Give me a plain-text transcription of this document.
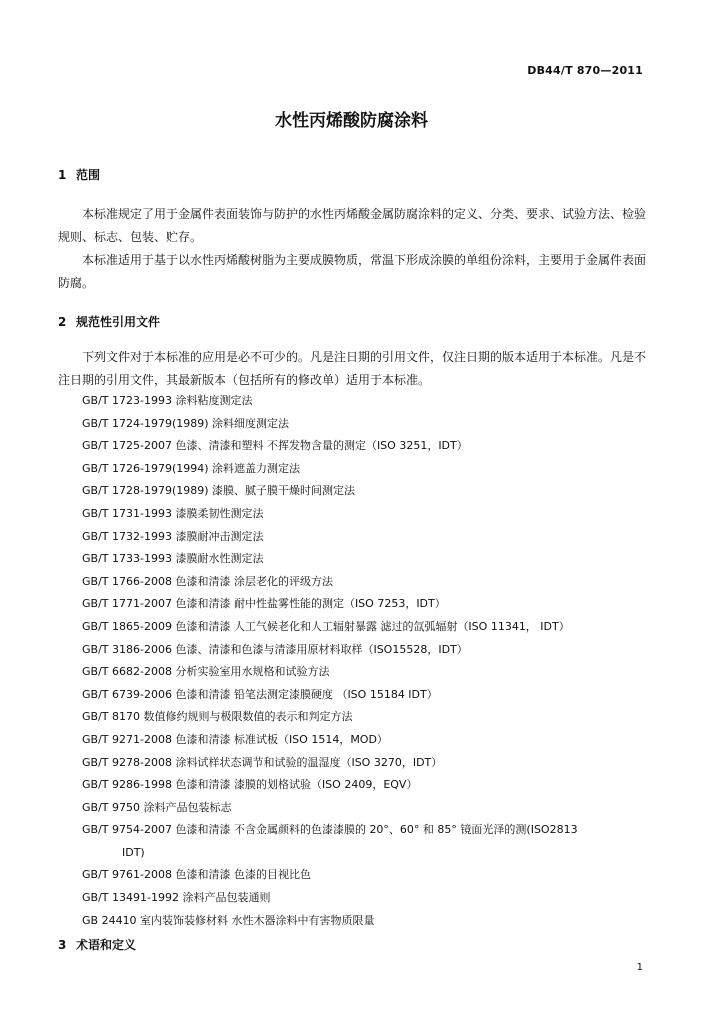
DB44/T 870—2011
水性丙烯酸防腐涂料
1 范围

本标准规定了用于金属件表面装饰与防护的水性丙烯酸金属防腐涂料的定义、分类、要求、试验方法、检验规则、标志、包装、贮存。

本标准适用于基于以水性丙烯酸树脂为主要成膜物质，常温下形成涂膜的单组份涂料，主要用于金属件表面防腐。

2 规范性引用文件

下列文件对于本标准的应用是必不可少的。凡是注日期的引用文件，仅注日期的版本适用于本标准。凡是不注日期的引用文件，其最新版本（包括所有的修改单）适用于本标准。

GB/T 1723-1993 涂料粘度测定法
GB/T 1724-1979(1989) 涂料细度测定法
GB/T 1725-2007 色漆、清漆和塑料 不挥发物含量的测定（ISO 3251，IDT）
GB/T 1726-1979(1994) 涂料遮盖力测定法
GB/T 1728-1979(1989) 漆膜、腻子膜干燥时间测定法
GB/T 1731-1993 漆膜柔韧性测定法
GB/T 1732-1993 漆膜耐冲击测定法
GB/T 1733-1993 漆膜耐水性测定法
GB/T 1766-2008 色漆和清漆 涂层老化的评级方法
GB/T 1771-2007 色漆和清漆 耐中性盐雾性能的测定（ISO 7253，IDT）
GB/T 1865-2009 色漆和清漆 人工气候老化和人工辐射暴露 滤过的氙弧辐射（ISO 11341， IDT）
GB/T 3186-2006 色漆、清漆和色漆与清漆用原材料取样（ISO15528，IDT）
GB/T 6682-2008 分析实验室用水规格和试验方法
GB/T 6739-2006 色漆和清漆 铅笔法测定漆膜硬度 （ISO 15184 IDT）
GB/T 8170 数值修约规则与极限数值的表示和判定方法
GB/T 9271-2008 色漆和清漆 标准试板（ISO 1514，MOD）
GB/T 9278-2008 涂料试样状态调节和试验的温湿度（ISO 3270，IDT）
GB/T 9286-1998 色漆和清漆 漆膜的划格试验（ISO 2409，EQV）
GB/T 9750 涂料产品包装标志
GB/T 9754-2007 色漆和清漆 不含金属颜料的色漆漆膜的 20°、60° 和 85° 镜面光泽的测(ISO2813
IDT)
GB/T 9761-2008 色漆和清漆 色漆的目视比色
GB/T 13491-1992 涂料产品包装通则
GB 24410 室内装饰装修材料 水性木器涂料中有害物质限量
3 术语和定义
1
